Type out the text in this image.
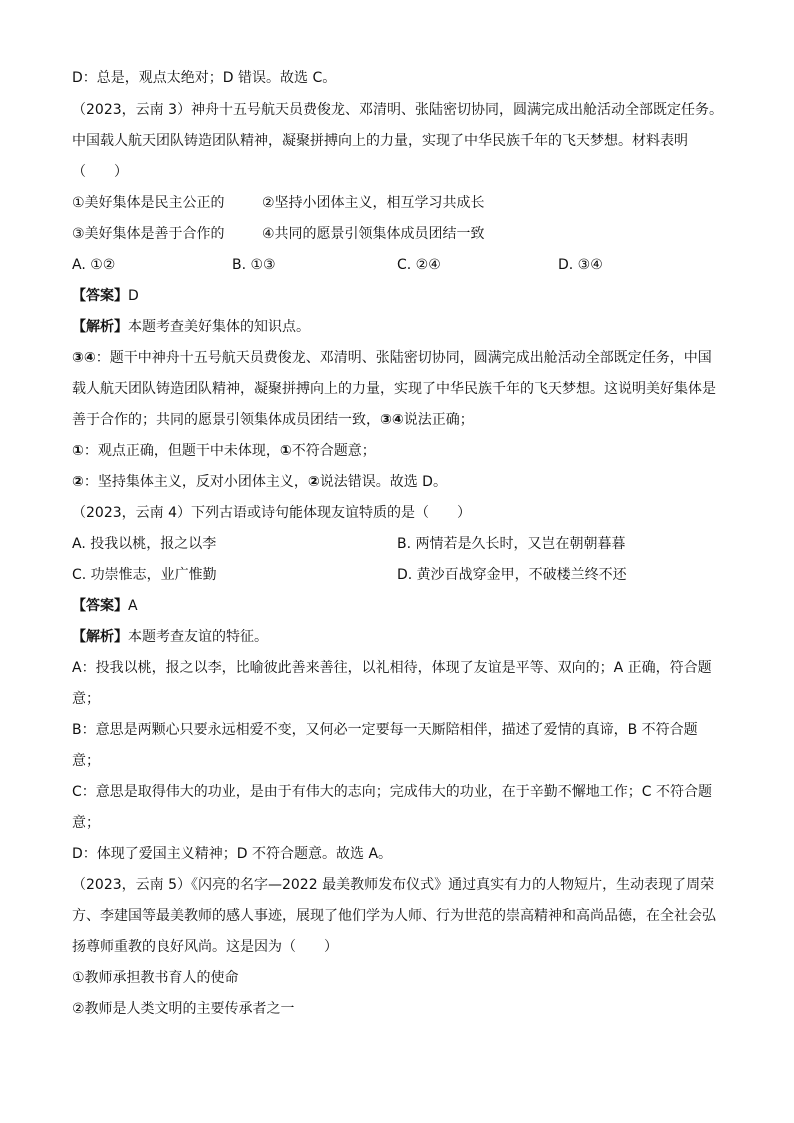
D：总是，观点太绝对；D 错误。故选 C。
（2023，云南 3）神舟十五号航天员费俊龙、邓清明、张陆密切协同，圆满完成出舱活动全部既定任务。
中国载人航天团队铸造团队精神，凝聚拼搏向上的力量，实现了中华民族千年的飞天梦想。材料表明
（　　）
①美好集体是民主公正的	②坚持小团体主义，相互学习共成长
③美好集体是善于合作的	④共同的愿景引领集体成员团结一致
A. ①②	B. ①③	C. ②④	D. ③④
【答案】D
【解析】本题考查美好集体的知识点。
③④：题干中神舟十五号航天员费俊龙、邓清明、张陆密切协同，圆满完成出舱活动全部既定任务，中国
载人航天团队铸造团队精神，凝聚拼搏向上的力量，实现了中华民族千年的飞天梦想。这说明美好集体是
善于合作的；共同的愿景引领集体成员团结一致，③④说法正确；
①：观点正确，但题干中未体现，①不符合题意；
②：坚持集体主义，反对小团体主义，②说法错误。故选 D。
（2023，云南 4）下列古语或诗句能体现友谊特质的是（　　）
A. 投我以桃，报之以李	B. 两情若是久长时，又岂在朝朝暮暮
C. 功崇惟志，业广惟勤	D. 黄沙百战穿金甲，不破楼兰终不还
【答案】A
【解析】本题考查友谊的特征。
A：投我以桃，报之以李，比喻彼此善来善往，以礼相待，体现了友谊是平等、双向的；A 正确，符合题
意；
B：意思是两颗心只要永远相爱不变，又何必一定要每一天厮陪相伴，描述了爱情的真谛，B 不符合题
意；
C：意思是取得伟大的功业，是由于有伟大的志向；完成伟大的功业，在于辛勤不懈地工作；C 不符合题
意；
D：体现了爱国主义精神；D 不符合题意。故选 A。
（2023，云南 5）《闪亮的名字—2022 最美教师发布仪式》通过真实有力的人物短片，生动表现了周荣
方、李建国等最美教师的感人事迹，展现了他们学为人师、行为世范的崇高精神和高尚品德，在全社会弘
扬尊师重教的良好风尚。这是因为（　　）
①教师承担教书育人的使命
②教师是人类文明的主要传承者之一
